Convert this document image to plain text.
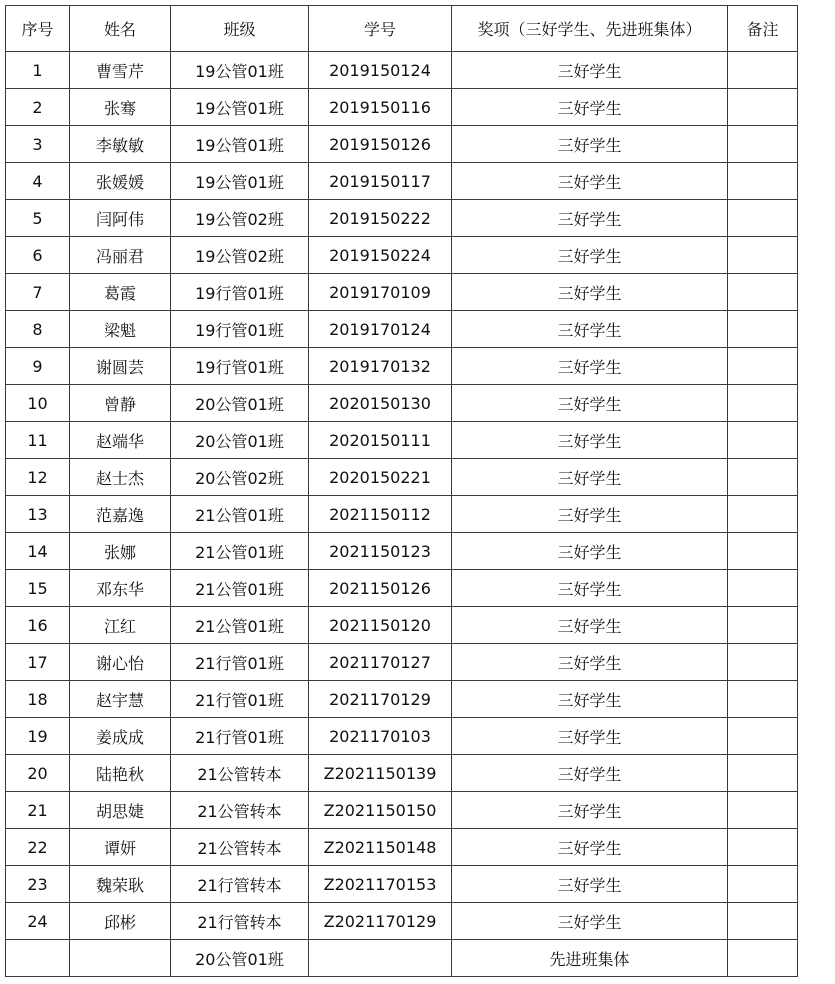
序号	姓名	班级	学号	奖项（三好学生、先进班集体）	备注
1	曹雪芹	19公管01班	2019150124	三好学生	
2	张骞	19公管01班	2019150116	三好学生	
3	李敏敏	19公管01班	2019150126	三好学生	
4	张媛媛	19公管01班	2019150117	三好学生	
5	闫阿伟	19公管02班	2019150222	三好学生	
6	冯丽君	19公管02班	2019150224	三好学生	
7	葛霞	19行管01班	2019170109	三好学生	
8	梁魁	19行管01班	2019170124	三好学生	
9	谢圆芸	19行管01班	2019170132	三好学生	
10	曾静	20公管01班	2020150130	三好学生	
11	赵端华	20公管01班	2020150111	三好学生	
12	赵士杰	20公管02班	2020150221	三好学生	
13	范嘉逸	21公管01班	2021150112	三好学生	
14	张娜	21公管01班	2021150123	三好学生	
15	邓东华	21公管01班	2021150126	三好学生	
16	江红	21公管01班	2021150120	三好学生	
17	谢心怡	21行管01班	2021170127	三好学生	
18	赵宇慧	21行管01班	2021170129	三好学生	
19	姜成成	21行管01班	2021170103	三好学生	
20	陆艳秋	21公管转本	Z2021150139	三好学生	
21	胡思婕	21公管转本	Z2021150150	三好学生	
22	谭妍	21公管转本	Z2021150148	三好学生	
23	魏荣耿	21行管转本	Z2021170153	三好学生	
24	邱彬	21行管转本	Z2021170129	三好学生	
		20公管01班		先进班集体	
